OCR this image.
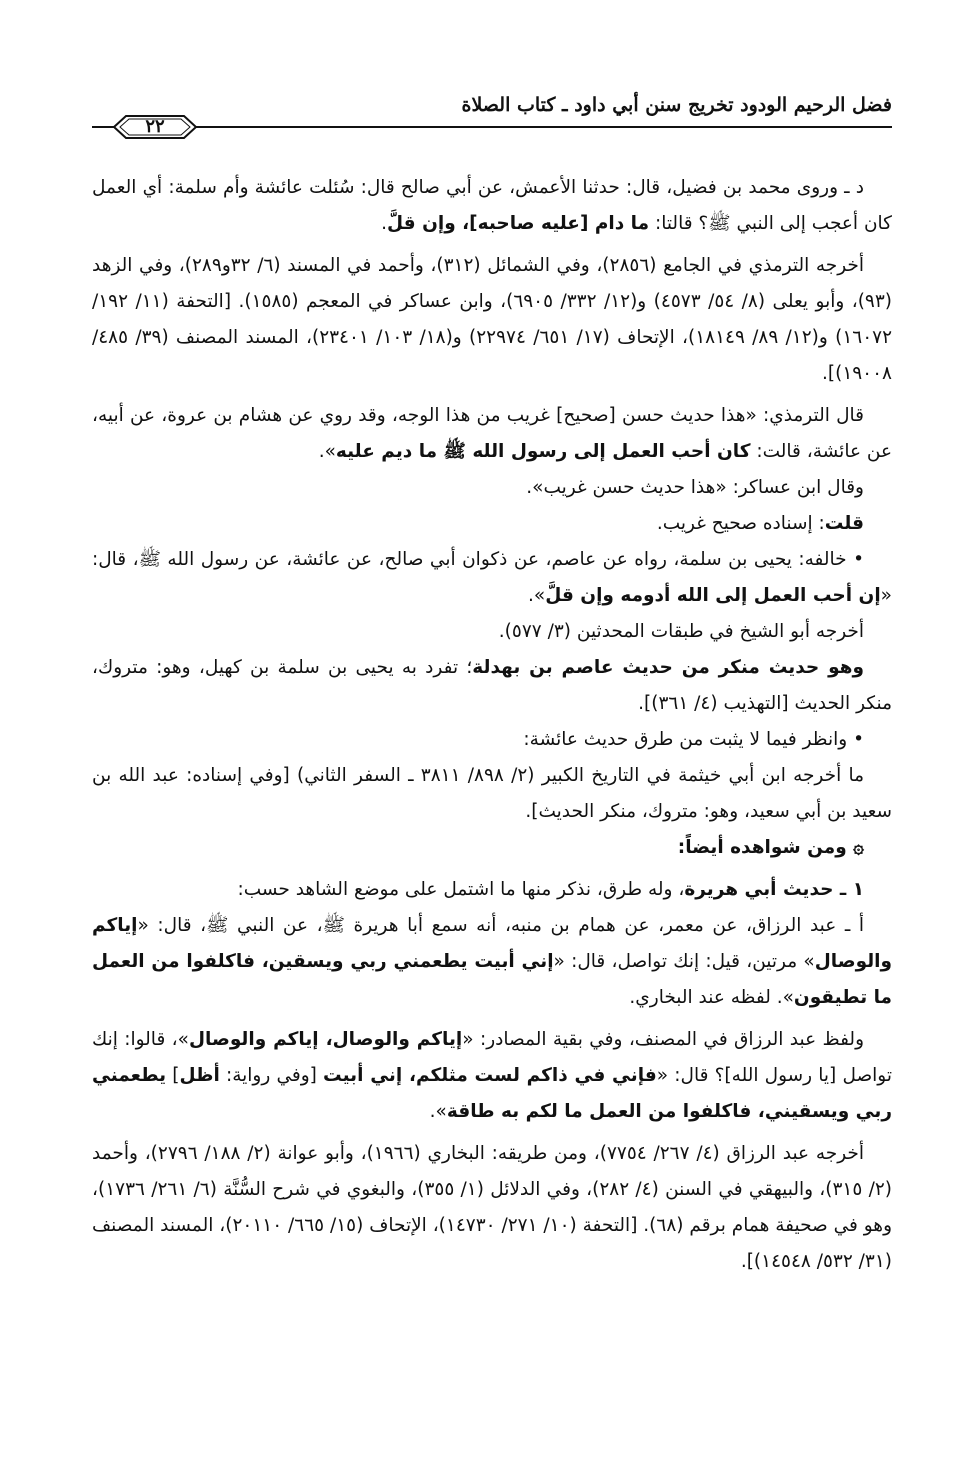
فضل الرحيم الودود تخريج سنن أبي داود ـ كتاب الصلاة
٢٢

د ـ وروى محمد بن فضيل، قال: حدثنا الأعمش، عن أبي صالح قال: سُئلت عائشة وأم سلمة: أي العمل كان أعجب إلى النبي ﷺ؟ قالتا: ما دام [عليه صاحبه]، وإن قلَّ.

أخرجه الترمذي في الجامع (٢٨٥٦)، وفي الشمائل (٣١٢)، وأحمد في المسند (٦/ ٣٢و٢٨٩)، وفي الزهد (٩٣)، وأبو يعلى (٨/ ٥٤/ ٤٥٧٣) و(١٢/ ٣٣٢/ ٦٩٠٥)، وابن عساكر في المعجم (١٥٨٥). [التحفة (١١/ ١٩٢/ ١٦٠٧٢) و(١٢/ ٨٩/ ١٨١٤٩)، الإتحاف (١٧/ ٦٥١/ ٢٢٩٧٤) و(١٨/ ١٠٣/ ٢٣٤٠١)، المسند المصنف (٣٩/ ٤٨٥/ ١٩٠٠٨)].

قال الترمذي: «هذا حديث حسن [صحيح] غريب من هذا الوجه، وقد روي عن هشام بن عروة، عن أبيه، عن عائشة، قالت: كان أحب العمل إلى رسول الله ﷺ ما ديم عليه».

وقال ابن عساكر: «هذا حديث حسن غريب».

قلت: إسناده صحيح غريب.

• خالفه: يحيى بن سلمة، رواه عن عاصم، عن ذكوان أبي صالح، عن عائشة، عن رسول الله ﷺ، قال: «إن أحب العمل إلى الله أدومه وإن قلَّ».

أخرجه أبو الشيخ في طبقات المحدثين (٣/ ٥٧٧).

وهو حديث منكر من حديث عاصم بن بهدلة؛ تفرد به يحيى بن سلمة بن كهيل، وهو: متروك، منكر الحديث [التهذيب (٤/ ٣٦١)].

• وانظر فيما لا يثبت من طرق حديث عائشة:

ما أخرجه ابن أبي خيثمة في التاريخ الكبير (٢/ ٨٩٨/ ٣٨١١ ـ السفر الثاني) [وفي إسناده: عبد الله بن سعيد بن أبي سعيد، وهو: متروك، منكر الحديث].

۞ ومن شواهده أيضاً:

١ ـ حديث أبي هريرة، وله طرق، نذكر منها ما اشتمل على موضع الشاهد حسب:

أ ـ عبد الرزاق، عن معمر، عن همام بن منبه، أنه سمع أبا هريرة ﷺ، عن النبي ﷺ، قال: «إياكم والوصال» مرتين، قيل: إنك تواصل، قال: «إني أبيت يطعمني ربي ويسقين، فاكلفوا من العمل ما تطيقون». لفظه عند البخاري.

ولفظ عبد الرزاق في المصنف، وفي بقية المصادر: «إياكم والوصال، إياكم والوصال»، قالوا: إنك تواصل [يا رسول الله]؟ قال: «فإني في ذاكم لست مثلكم، إني أبيت [وفي رواية: أظل] يطعمني ربي ويسقيني، فاكلفوا من العمل ما لكم به طاقة».

أخرجه عبد الرزاق (٤/ ٢٦٧/ ٧٧٥٤)، ومن طريقه: البخاري (١٩٦٦)، وأبو عوانة (٢/ ١٨٨/ ٢٧٩٦)، وأحمد (٢/ ٣١٥)، والبيهقي في السنن (٤/ ٢٨٢)، وفي الدلائل (١/ ٣٥٥)، والبغوي في شرح السُّنَّة (٦/ ٢٦١/ ١٧٣٦)، وهو في صحيفة همام برقم (٦٨). [التحفة (١٠/ ٢٧١/ ١٤٧٣٠)، الإتحاف (١٥/ ٦٦٥/ ٢٠١١٠)، المسند المصنف (٣١/ ٥٣٢/ ١٤٥٤٨)].
